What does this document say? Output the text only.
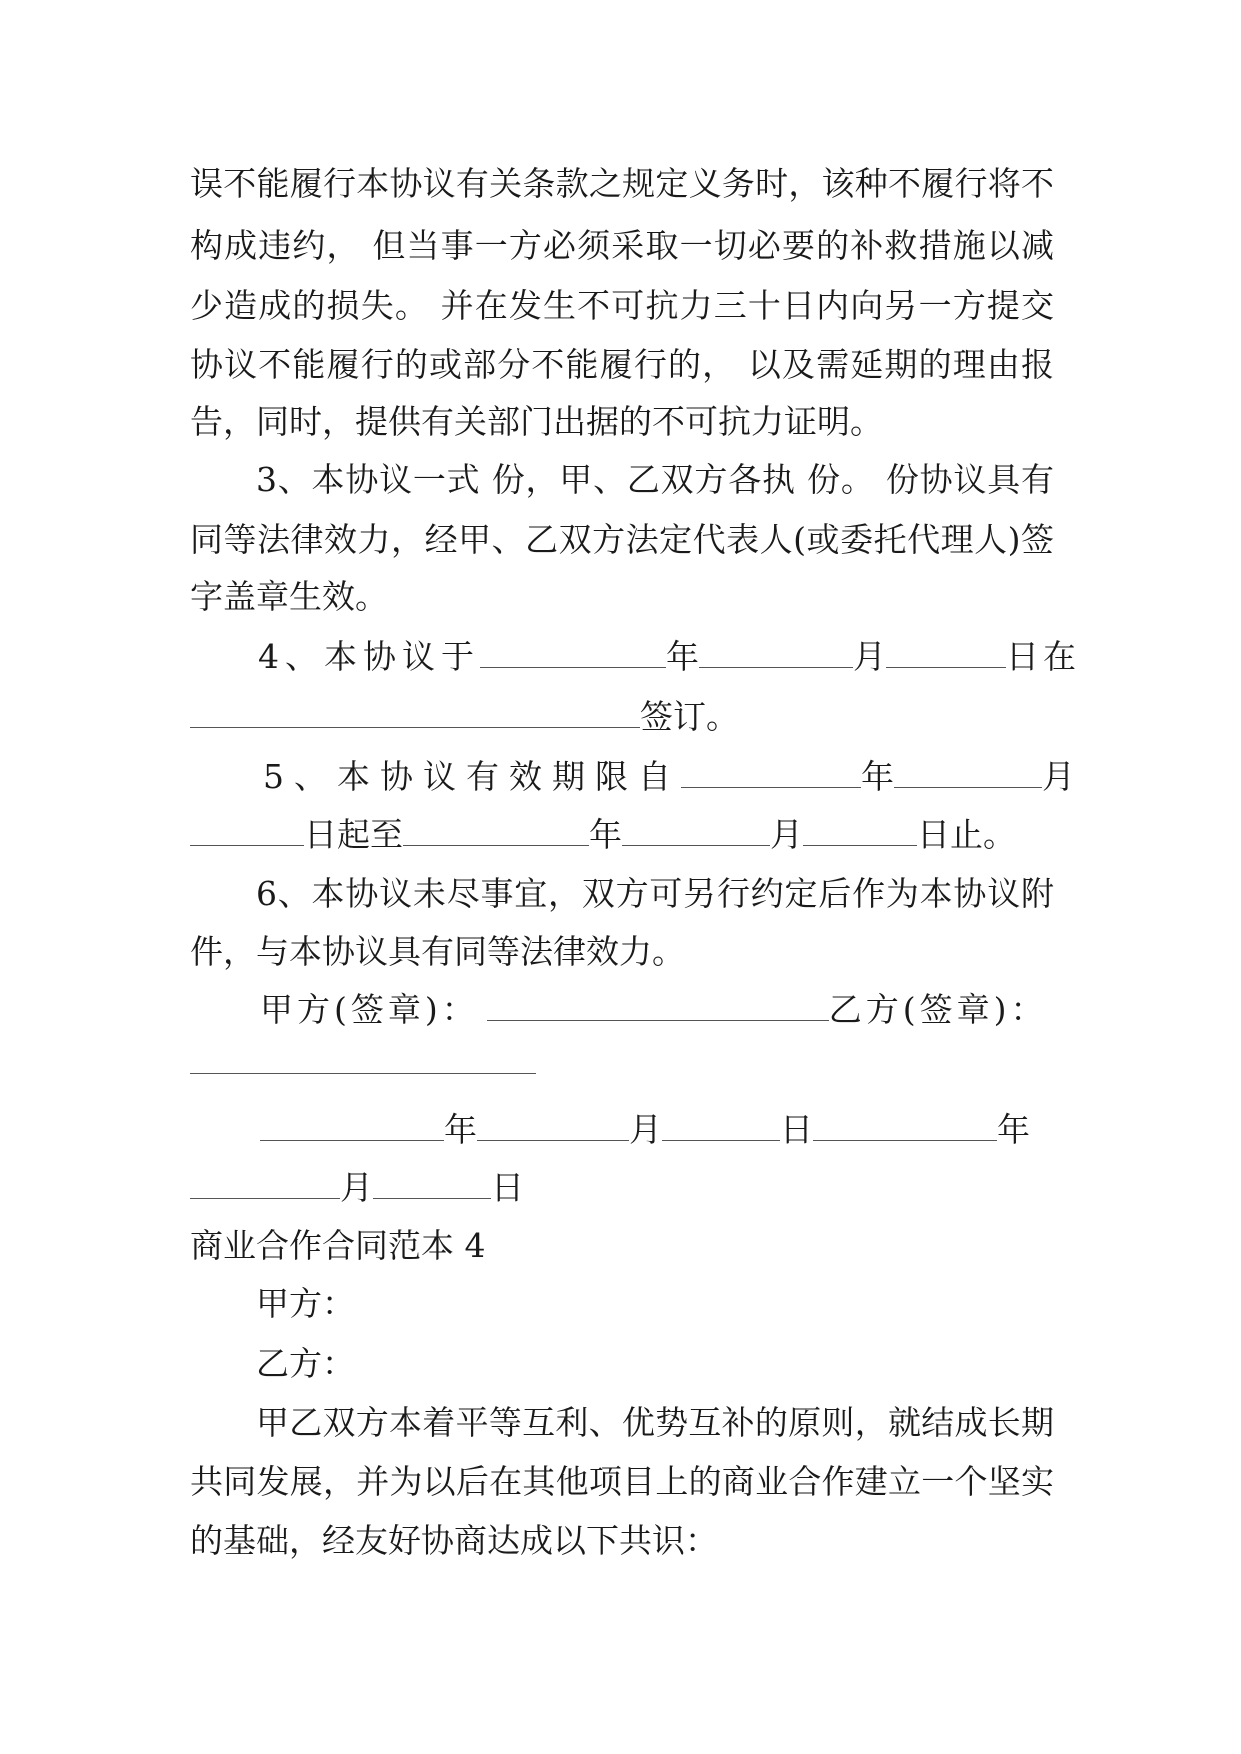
误不能履行本协议有关条款之规定义务时，该种不履行将不
构成违约， 但当事一方必须采取一切必要的补救措施以减
少造成的损失。 并在发生不可抗力三十日内向另一方提交
协议不能履行的或部分不能履行的， 以及需延期的理由报
告，同时，提供有关部门出据的不可抗力证明。
3、本协议一式 份，甲、乙双方各执 份。 份协议具有
同等法律效力，经甲、乙双方法定代表人(或委托代理人)签
字盖章生效。
4、本协议于	年	月	日在
签订。
5、本协议有效期限自	年	月
日起至	年	月	日止。
6、本协议未尽事宜，双方可另行约定后作为本协议附
件，与本协议具有同等法律效力。
甲方(签章)：	乙方(签章)：
年	月	日	年
月	日
商业合作合同范本 4
甲方：
乙方：
甲乙双方本着平等互利、优势互补的原则，就结成长期
共同发展，并为以后在其他项目上的商业合作建立一个坚实
的基础，经友好协商达成以下共识：
